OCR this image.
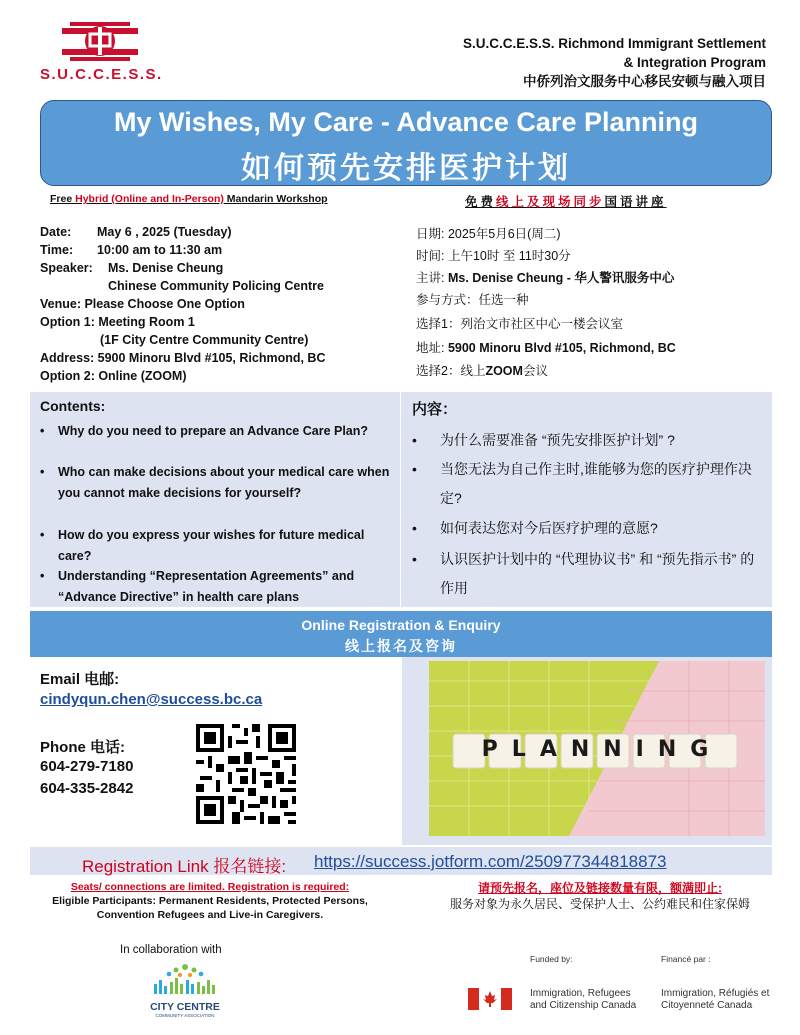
S.U.C.C.E.S.S.
S.U.C.C.E.S.S. Richmond Immigrant Settlement
& Integration Program
中侨列治文服务中心移民安顿与融入项目
My Wishes, My Care - Advance Care Planning
如何预先安排医护计划
Free Hybrid (Online and In-Person) Mandarin Workshop	免费线上及现场同步国语讲座
Date: May 6 , 2025 (Tuesday)
Time: 10:00 am to 11:30 am
Speaker: Ms. Denise Cheung
Chinese Community Policing Centre
Venue: Please Choose One Option
Option 1: Meeting Room 1
(1F City Centre Community Centre)
Address: 5900 Minoru Blvd #105, Richmond, BC
Option 2: Online (ZOOM)
日期: 2025年5月6日(周二)
时间: 上午10时 至 11时30分
主讲: Ms. Denise Cheung - 华人警讯服务中心
参与方式：任选一种
选择1：列治文市社区中心一楼会议室
地址: 5900 Minoru Blvd #105, Richmond, BC
选择2：线上ZOOM会议
Contents:	内容：
• Why do you need to prepare an Advance Care Plan?
• Who can make decisions about your medical care when you cannot make decisions for yourself?
• How do you express your wishes for future medical care?
• Understanding “Representation Agreements” and “Advance Directive” in health care plans
• 为什么需要准备 “预先安排医护计划” ?
• 当您无法为自己作主时,谁能够为您的医疗护理作决定?
• 如何表达您对今后医疗护理的意愿?
• 认识医护计划中的 “代理协议书” 和 “预先指示书” 的作用
Online Registration & Enquiry
线上报名及咨询
Email 电邮:
cindyqun.chen@success.bc.ca
Phone 电话:
604-279-7180
604-335-2842
PLANNING
Registration Link 报名链接: https://success.jotform.com/250977344818873
Seats/ connections are limited. Registration is required:
Eligible Participants: Permanent Residents, Protected Persons, Convention Refugees and Live-in Caregivers.
请预先报名，座位及链接数量有限，额满即止:
服务对象为永久居民、受保护人士、公约难民和住家保姆
In collaboration with
CITY CENTRE
COMMUNITY ASSOCIATION
Funded by:	Financé par :
Immigration, Refugees and Citizenship Canada
Immigration, Réfugiés et Citoyenneté Canada
